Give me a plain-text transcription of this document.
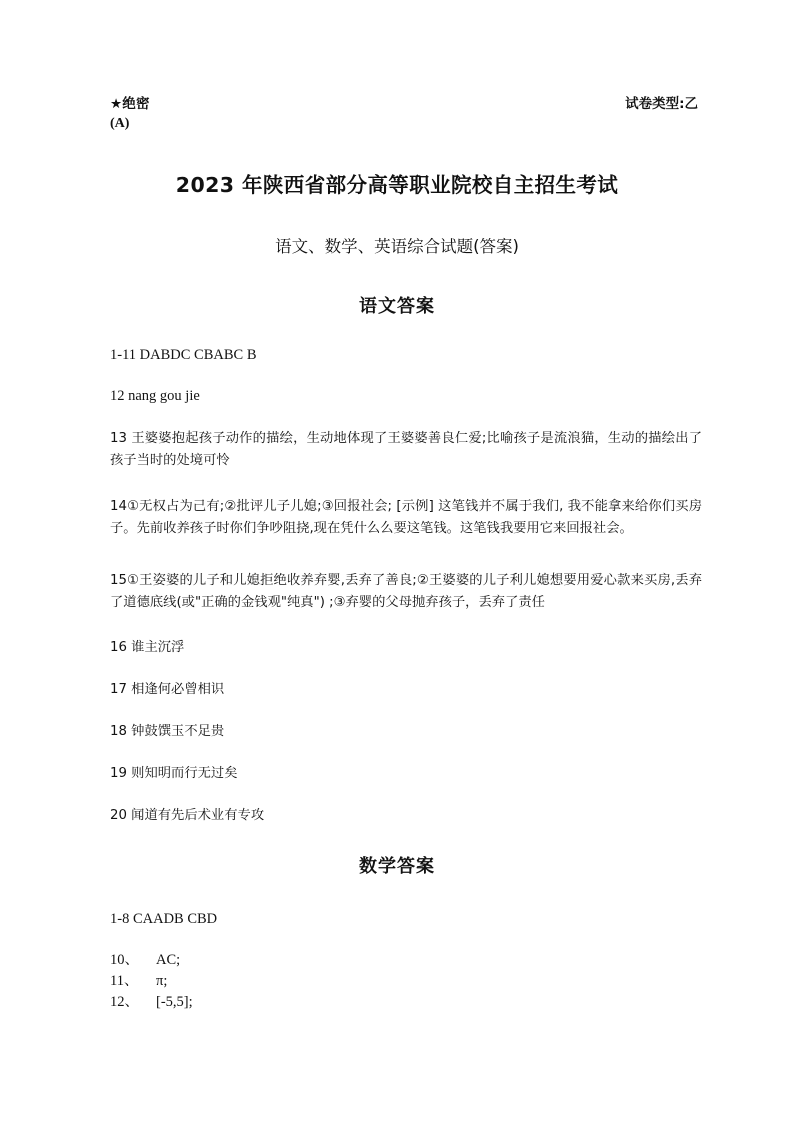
★绝密	试卷类型:乙
(A)
2023 年陕西省部分高等职业院校自主招生考试
语文、数学、英语综合试题(答案)
语文答案
1-11 DABDC CBABC B
12 nang gou jie
13 王婆婆抱起孩子动作的描绘，生动地体现了王婆婆善良仁爱;比喻孩子是流浪猫，生动的描绘出了孩子当时的处境可怜
14①无权占为己有;②批评儿子儿媳;③回报社会; [示例] 这笔钱并不属于我们, 我不能拿来给你们买房子。先前收养孩子时你们争吵阻挠,现在凭什么么要这笔钱。这笔钱我要用它来回报社会。
15①王姿婆的儿子和儿媳拒绝收养弃婴,丢弃了善良;②王婆婆的儿子利儿媳想要用爱心款来买房,丢弃了道德底线(或"正确的金钱观"纯真") ;③弃婴的父母抛弃孩子，丢弃了责任
16 谁主沉浮
17 相逢何必曾相识
18 钟鼓馔玉不足贵
19 则知明而行无过矣
20 闻道有先后术业有专攻
数学答案
1-8 CAADB CBD
10、	AC;
11、	π;
12、	[-5,5];
